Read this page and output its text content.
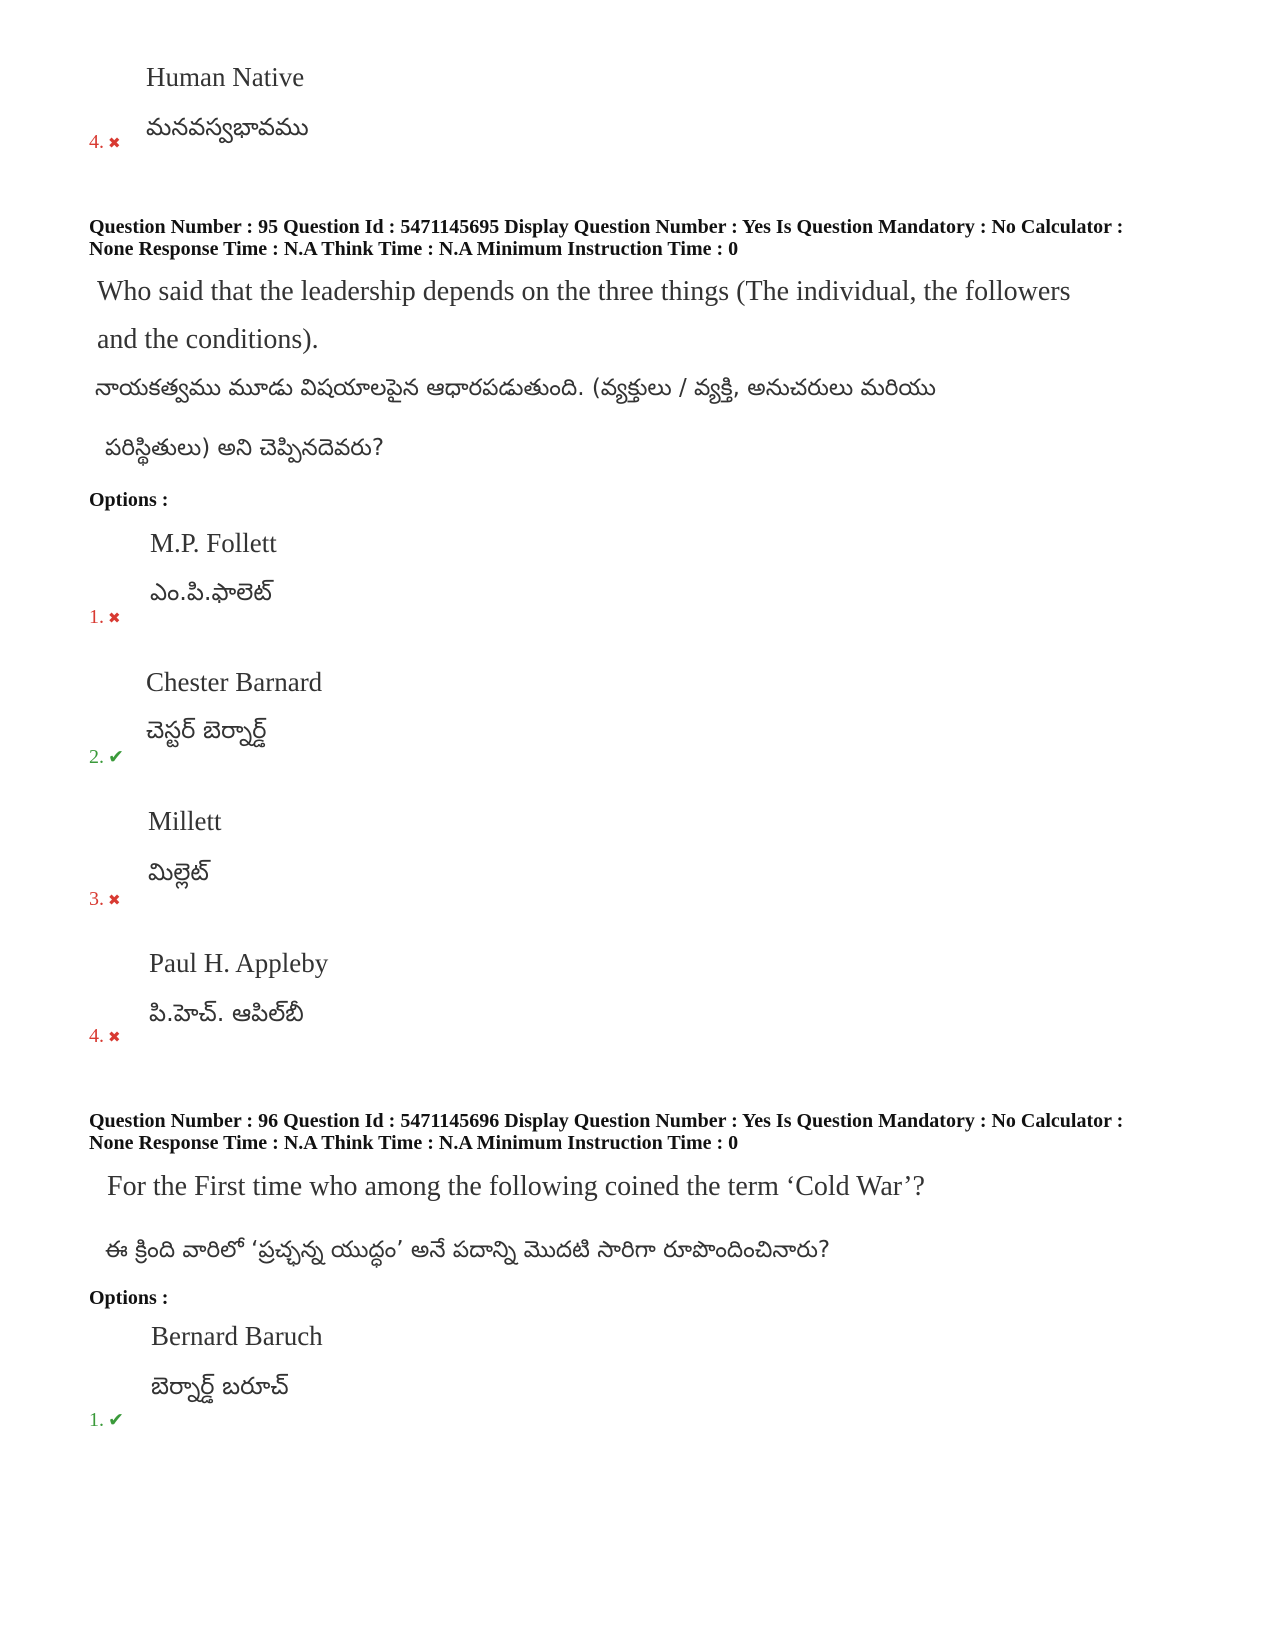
Human Native
మనవస్వభావము
4. ✖
Question Number : 95 Question Id : 5471145695 Display Question Number : Yes Is Question Mandatory : No Calculator :
None Response Time : N.A Think Time : N.A Minimum Instruction Time : 0
Who said that the leadership depends on the three things (The individual, the followers
and the conditions).
నాయకత్వము మూడు విషయాలపైన ఆధారపడుతుంది. (వ్యక్తులు / వ్యక్తి, అనుచరులు మరియు
పరిస్థితులు) అని చెప్పినదెవరు?
Options :
M.P. Follett
ఎం.పి.ఫాలెట్
1. ✖
Chester Barnard
చెస్టర్ బెర్నార్డ్
2. ✔
Millett
మిల్లెట్
3. ✖
Paul H. Appleby
పి.హెచ్. ఆపిల్‌బీ
4. ✖
Question Number : 96 Question Id : 5471145696 Display Question Number : Yes Is Question Mandatory : No Calculator :
None Response Time : N.A Think Time : N.A Minimum Instruction Time : 0
For the First time who among the following coined the term ‘Cold War’?
ఈ క్రింది వారిలో ‘ప్రచ్ఛన్న యుద్ధం’ అనే పదాన్ని మొదటి సారిగా రూపొందించినారు?
Options :
Bernard Baruch
బెర్నార్డ్ బరూచ్
1. ✔
